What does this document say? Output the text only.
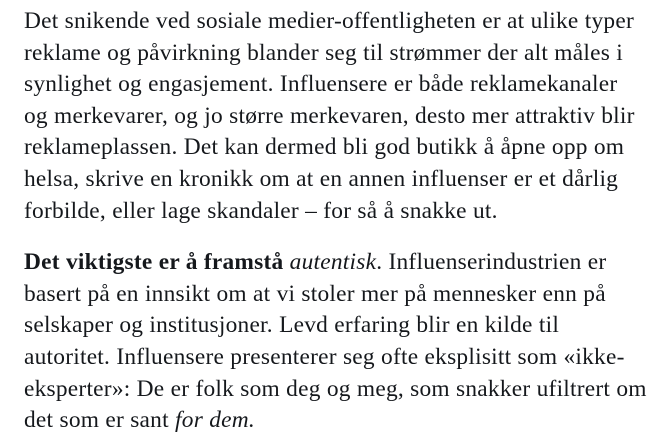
Det snikende ved sosiale medier-offentligheten er at ulike typer reklame og påvirkning blander seg til strømmer der alt måles i synlighet og engasjement. Influensere er både reklamekanaler og merkevarer, og jo større merkevaren, desto mer attraktiv blir reklameplassen. Det kan dermed bli god butikk å åpne opp om helsa, skrive en kronikk om at en annen influenser er et dårlig forbilde, eller lage skandaler – for så å snakke ut.

Det viktigste er å framstå autentisk. Influenserindustrien er basert på en innsikt om at vi stoler mer på mennesker enn på selskaper og institusjoner. Levd erfaring blir en kilde til autoritet. Influensere presenterer seg ofte eksplisitt som «ikke-eksperter»: De er folk som deg og meg, som snakker ufiltrert om det som er sant for dem.
